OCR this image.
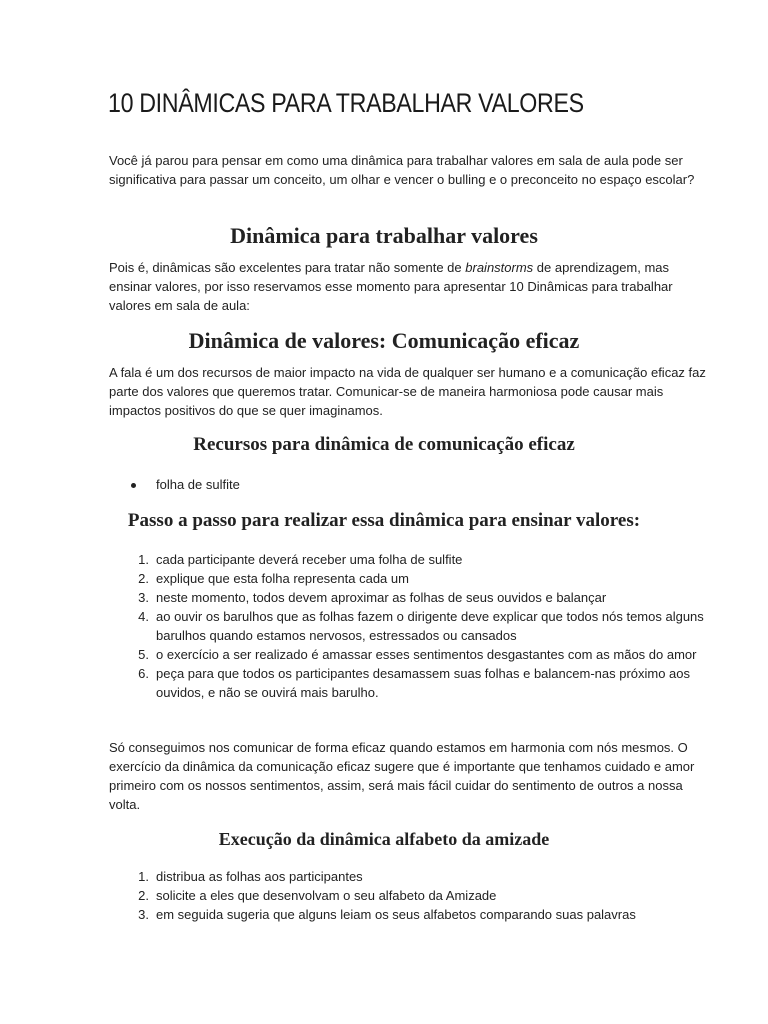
10 DINÂMICAS PARA TRABALHAR VALORES

Você já parou para pensar em como uma dinâmica para trabalhar valores em sala de aula pode ser significativa para passar um conceito, um olhar e vencer o bulling e o preconceito no espaço escolar?

Dinâmica para trabalhar valores

Pois é, dinâmicas são excelentes para tratar não somente de brainstorms de aprendizagem, mas ensinar valores, por isso reservamos esse momento para apresentar 10 Dinâmicas para trabalhar valores em sala de aula:

Dinâmica de valores: Comunicação eficaz

A fala é um dos recursos de maior impacto na vida de qualquer ser humano e a comunicação eficaz faz parte dos valores que queremos tratar. Comunicar-se de maneira harmoniosa pode causar mais impactos positivos do que se quer imaginamos.

Recursos para dinâmica de comunicação eficaz
folha de sulfite
Passo a passo para realizar essa dinâmica para ensinar valores:
1. cada participante deverá receber uma folha de sulfite
2. explique que esta folha representa cada um
3. neste momento, todos devem aproximar as folhas de seus ouvidos e balançar
4. ao ouvir os barulhos que as folhas fazem o dirigente deve explicar que todos nós temos alguns barulhos quando estamos nervosos, estressados ou cansados
5. o exercício a ser realizado é amassar esses sentimentos desgastantes com as mãos do amor
6. peça para que todos os participantes desamassem suas folhas e balancem-nas próximo aos ouvidos, e não se ouvirá mais barulho.

Só conseguimos nos comunicar de forma eficaz quando estamos em harmonia com nós mesmos. O exercício da dinâmica da comunicação eficaz sugere que é importante que tenhamos cuidado e amor primeiro com os nossos sentimentos, assim, será mais fácil cuidar do sentimento de outros a nossa volta.

Execução da dinâmica alfabeto da amizade
1. distribua as folhas aos participantes
2. solicite a eles que desenvolvam o seu alfabeto da Amizade
3. em seguida sugeria que alguns leiam os seus alfabetos comparando suas palavras
